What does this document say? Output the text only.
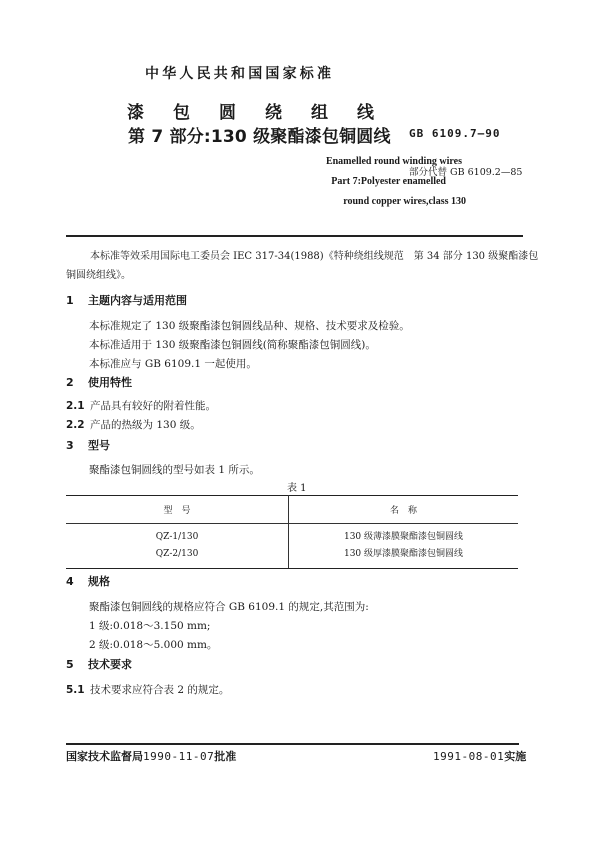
中华人民共和国国家标准
漆 包 圆 绕 组 线
第 7 部分:130 级聚酯漆包铜圆线 GB 6109.7—90
部分代替 GB 6109.2—85
Enamelled round winding wires
Part 7:Polyester enamelled
round copper wires,class 130
本标准等效采用国际电工委员会 IEC 317-34(1988)《特种绕组线规范　第 34 部分 130 级聚酯漆包
铜圆绕组线》。
1 主题内容与适用范围
本标准规定了 130 级聚酯漆包铜圆线品种、规格、技术要求及检验。
本标准适用于 130 级聚酯漆包铜圆线(简称聚酯漆包铜圆线)。
本标准应与 GB 6109.1 一起使用。
2 使用特性
2.1 产品具有较好的附着性能。
2.2 产品的热级为 130 级。
3 型号
聚酯漆包铜圆线的型号如表 1 所示。
表 1
型　号	名　称
QZ-1/130	130 级薄漆膜聚酯漆包铜圆线
QZ-2/130	130 级厚漆膜聚酯漆包铜圆线
4 规格
聚酯漆包铜圆线的规格应符合 GB 6109.1 的规定,其范围为:
1 级:0.018～3.150 mm;
2 级:0.018～5.000 mm。
5 技术要求
5.1 技术要求应符合表 2 的规定。
国家技术监督局1990-11-07批准	1991-08-01实施
